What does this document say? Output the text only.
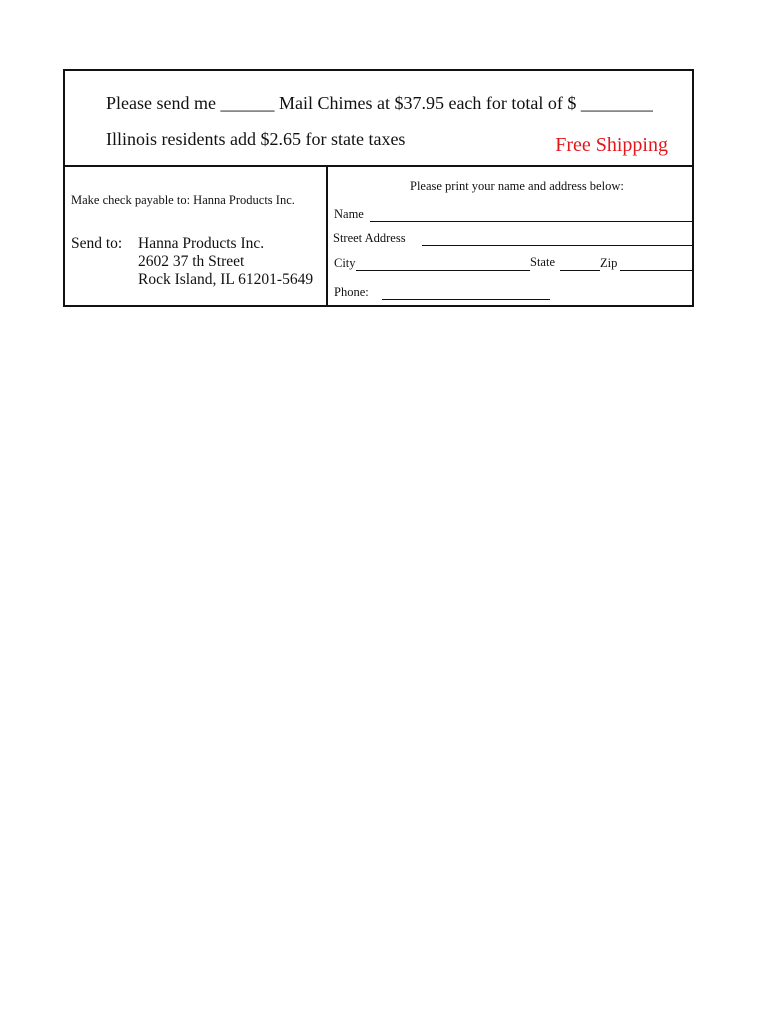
Please send me ______ Mail Chimes at $37.95 each for total of $ ________
Illinois residents add $2.65 for state taxes	Free Shipping
Make check payable to: Hanna Products Inc.
Send to: Hanna Products Inc.
2602 37 th Street
Rock Island, IL 61201-5649
Please print your name and address below:
Name
Street Address
City	State	Zip
Phone:
